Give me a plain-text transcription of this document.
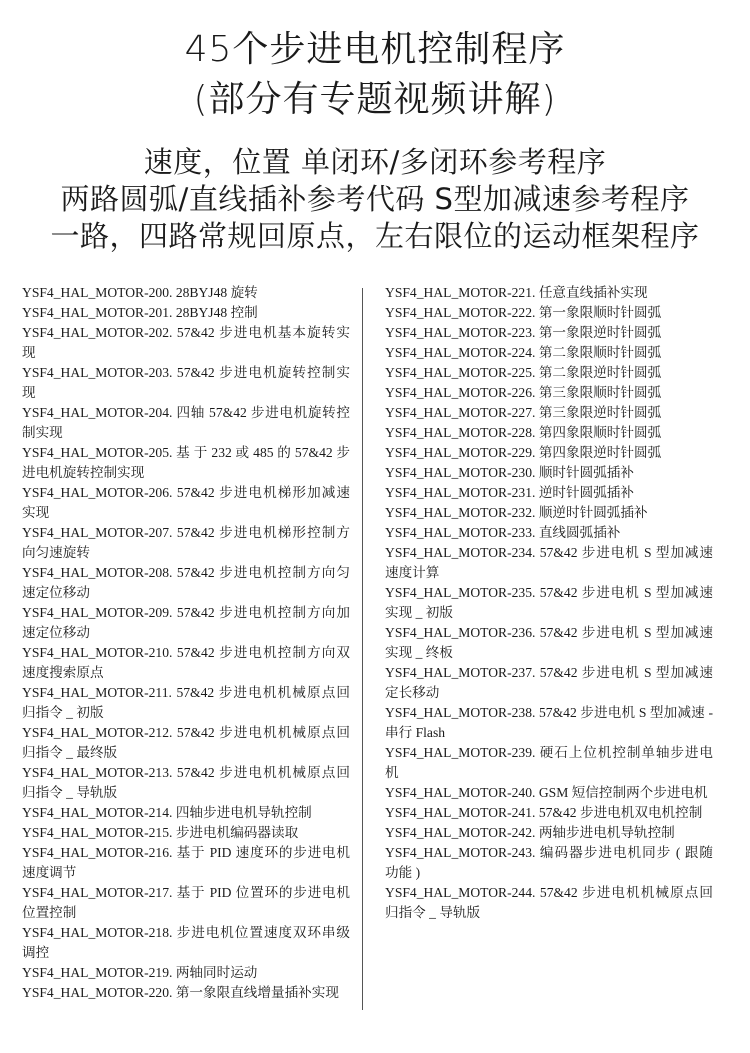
45个步进电机控制程序
(部分有专题视频讲解)
速度，位置 单闭环/多闭环参考程序
两路圆弧/直线插补参考代码 S型加减速参考程序
一路，四路常规回原点，左右限位的运动框架程序
YSF4_HAL_MOTOR-200. 28BYJ48 旋转
YSF4_HAL_MOTOR-201. 28BYJ48 控制
YSF4_HAL_MOTOR-202. 57&42 步进电机基本旋转实现
YSF4_HAL_MOTOR-203. 57&42 步进电机旋转控制实现
YSF4_HAL_MOTOR-204. 四轴 57&42 步进电机旋转控制实现
YSF4_HAL_MOTOR-205. 基 于 232 或 485 的 57&42 步进电机旋转控制实现
YSF4_HAL_MOTOR-206. 57&42 步进电机梯形加减速实现
YSF4_HAL_MOTOR-207. 57&42 步进电机梯形控制方向匀速旋转
YSF4_HAL_MOTOR-208. 57&42 步进电机控制方向匀速定位移动
YSF4_HAL_MOTOR-209. 57&42 步进电机控制方向加速定位移动
YSF4_HAL_MOTOR-210. 57&42 步进电机控制方向双速度搜索原点
YSF4_HAL_MOTOR-211. 57&42 步进电机机械原点回归指令 _ 初版
YSF4_HAL_MOTOR-212. 57&42 步进电机机械原点回归指令 _ 最终版
YSF4_HAL_MOTOR-213. 57&42 步进电机机械原点回归指令 _ 导轨版
YSF4_HAL_MOTOR-214. 四轴步进电机导轨控制
YSF4_HAL_MOTOR-215. 步进电机编码器读取
YSF4_HAL_MOTOR-216. 基于 PID 速度环的步进电机速度调节
YSF4_HAL_MOTOR-217. 基于 PID 位置环的步进电机位置控制
YSF4_HAL_MOTOR-218. 步进电机位置速度双环串级调控
YSF4_HAL_MOTOR-219. 两轴同时运动
YSF4_HAL_MOTOR-220. 第一象限直线增量插补实现
YSF4_HAL_MOTOR-221. 任意直线插补实现
YSF4_HAL_MOTOR-222. 第一象限顺时针圆弧
YSF4_HAL_MOTOR-223. 第一象限逆时针圆弧
YSF4_HAL_MOTOR-224. 第二象限顺时针圆弧
YSF4_HAL_MOTOR-225. 第二象限逆时针圆弧
YSF4_HAL_MOTOR-226. 第三象限顺时针圆弧
YSF4_HAL_MOTOR-227. 第三象限逆时针圆弧
YSF4_HAL_MOTOR-228. 第四象限顺时针圆弧
YSF4_HAL_MOTOR-229. 第四象限逆时针圆弧
YSF4_HAL_MOTOR-230. 顺时针圆弧插补
YSF4_HAL_MOTOR-231. 逆时针圆弧插补
YSF4_HAL_MOTOR-232. 顺逆时针圆弧插补
YSF4_HAL_MOTOR-233. 直线圆弧插补
YSF4_HAL_MOTOR-234. 57&42 步进电机 S 型加减速速度计算
YSF4_HAL_MOTOR-235. 57&42 步进电机 S 型加减速实现 _ 初版
YSF4_HAL_MOTOR-236. 57&42 步进电机 S 型加减速实现 _ 终板
YSF4_HAL_MOTOR-237. 57&42 步进电机 S 型加减速定长移动
YSF4_HAL_MOTOR-238. 57&42 步进电机 S 型加减速 - 串行 Flash
YSF4_HAL_MOTOR-239. 硬石上位机控制单轴步进电机
YSF4_HAL_MOTOR-240. GSM 短信控制两个步进电机
YSF4_HAL_MOTOR-241. 57&42 步进电机双电机控制
YSF4_HAL_MOTOR-242. 两轴步进电机导轨控制
YSF4_HAL_MOTOR-243. 编码器步进电机同步 ( 跟随功能 )
YSF4_HAL_MOTOR-244. 57&42 步进电机机械原点回归指令 _ 导轨版
